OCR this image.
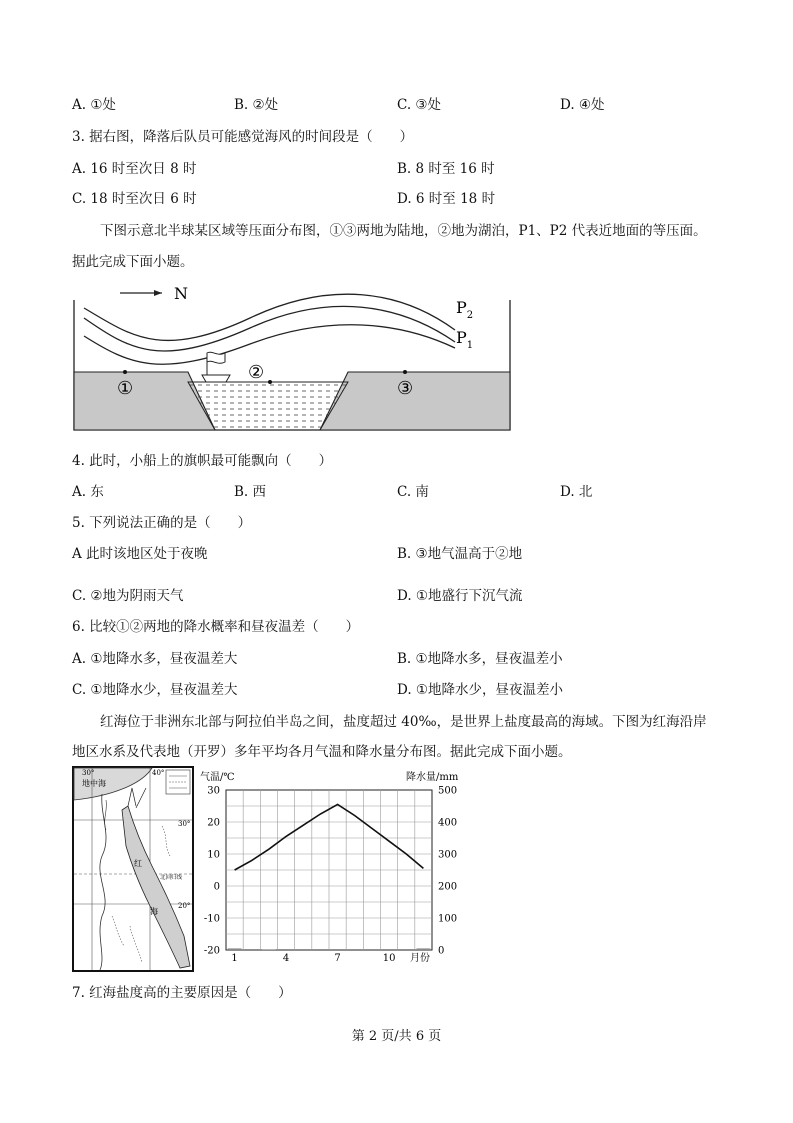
A. ①处	B. ②处	C. ③处	D. ④处
3. 据右图，降落后队员可能感觉海风的时间段是（　　）
A. 16 时至次日 8 时	B. 8 时至 16 时
C. 18 时至次日 6 时	D. 6 时至 18 时
下图示意北半球某区域等压面分布图，①③两地为陆地，②地为湖泊，P1、P2 代表近地面的等压面。
据此完成下面小题。
N
$P_2$
$P_1$
①
②
③
4. 此时，小船上的旗帜最可能飘向（　　）
A. 东	B. 西	C. 南	D. 北
5. 下列说法正确的是（　　）
A 此时该地区处于夜晚	B. ③地气温高于②地
C. ②地为阴雨天气	D. ①地盛行下沉气流
6. 比较①②两地的降水概率和昼夜温差（　　）
A. ①地降水多，昼夜温差大	B. ①地降水多，昼夜温差小
C. ①地降水少，昼夜温差大	D. ①地降水少，昼夜温差小
红海位于非洲东北部与阿拉伯半岛之间，盐度超过 40‰，是世界上盐度最高的海域。下图为红海沿岸
地区水系及代表地（开罗）多年平均各月气温和降水量分布图。据此完成下面小题。
地中海
30°	40°
30°
20°
北回归线
红
海
气温/℃	降水量/mm
30
20
10
0
-10
-20
500
400
300
200
100
0
1	4	7	10 月份
7. 红海盐度高的主要原因是（　　）
第 2 页/共 6 页
